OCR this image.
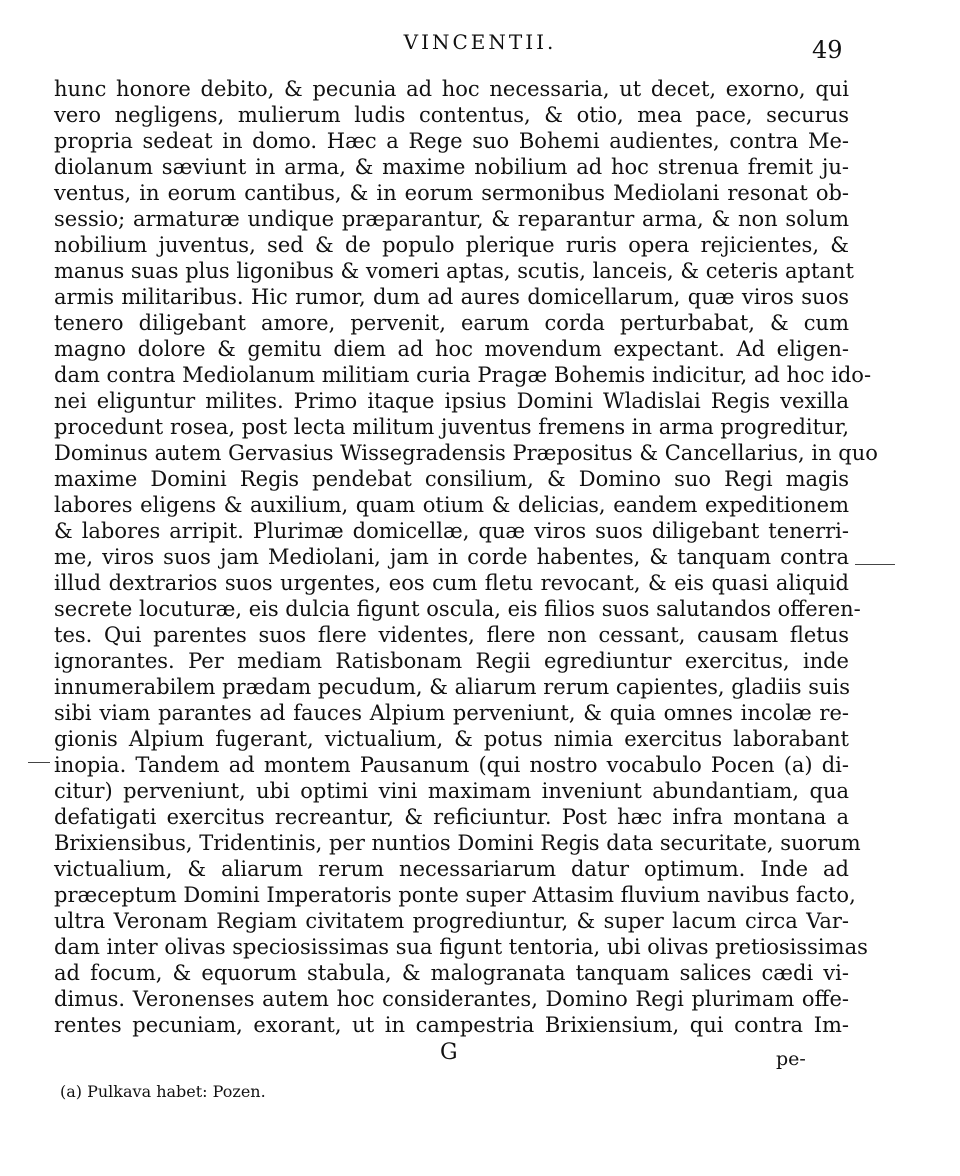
VINCENTII.	49
hunc honore debito, & pecunia ad hoc necessaria, ut decet, exorno, qui
vero negligens, mulierum ludis contentus, & otio, mea pace, securus
propria sedeat in domo. Hæc a Rege suo Bohemi audientes, contra Me-
diolanum sæviunt in arma, & maxime nobilium ad hoc strenua fremit ju-
ventus, in eorum cantibus, & in eorum sermonibus Mediolani resonat ob-
sessio; armaturæ undique præparantur, & reparantur arma, & non solum
nobilium juventus, sed & de populo plerique ruris opera rejicientes, &
manus suas plus ligonibus & vomeri aptas, scutis, lanceis, & ceteris aptant
armis militaribus. Hic rumor, dum ad aures domicellarum, quæ viros suos
tenero diligebant amore, pervenit, earum corda perturbabat, & cum
magno dolore & gemitu diem ad hoc movendum expectant. Ad eligen-
dam contra Mediolanum militiam curia Pragæ Bohemis indicitur, ad hoc ido-
nei eliguntur milites. Primo itaque ipsius Domini Wladislai Regis vexilla
procedunt rosea, post lecta militum juventus fremens in arma progreditur,
Dominus autem Gervasius Wissegradensis Præpositus & Cancellarius, in quo
maxime Domini Regis pendebat consilium, & Domino suo Regi magis
labores eligens & auxilium, quam otium & delicias, eandem expeditionem
& labores arripit. Plurimæ domicellæ, quæ viros suos diligebant tenerri-
me, viros suos jam Mediolani, jam in corde habentes, & tanquam contra
illud dextrarios suos urgentes, eos cum fletu revocant, & eis quasi aliquid
secrete locuturæ, eis dulcia figunt oscula, eis filios suos salutandos offeren-
tes. Qui parentes suos flere videntes, flere non cessant, causam fletus
ignorantes. Per mediam Ratisbonam Regii egrediuntur exercitus, inde
innumerabilem prædam pecudum, & aliarum rerum capientes, gladiis suis
sibi viam parantes ad fauces Alpium perveniunt, & quia omnes incolæ re-
gionis Alpium fugerant, victualium, & potus nimia exercitus laborabant
inopia. Tandem ad montem Pausanum (qui nostro vocabulo Pocen (a) di-
citur) perveniunt, ubi optimi vini maximam inveniunt abundantiam, qua
defatigati exercitus recreantur, & reficiuntur. Post hæc infra montana a
Brixiensibus, Tridentinis, per nuntios Domini Regis data securitate, suorum
victualium, & aliarum rerum necessariarum datur optimum. Inde ad
præceptum Domini Imperatoris ponte super Attasim fluvium navibus facto,
ultra Veronam Regiam civitatem progrediuntur, & super lacum circa Var-
dam inter olivas speciosissimas sua figunt tentoria, ubi olivas pretiosissimas
ad focum, & equorum stabula, & malogranata tanquam salices cædi vi-
dimus. Veronenses autem hoc considerantes, Domino Regi plurimam offe-
rentes pecuniam, exorant, ut in campestria Brixiensium, qui contra Im-
G	pe-
(a) Pulkava habet: Pozen.
